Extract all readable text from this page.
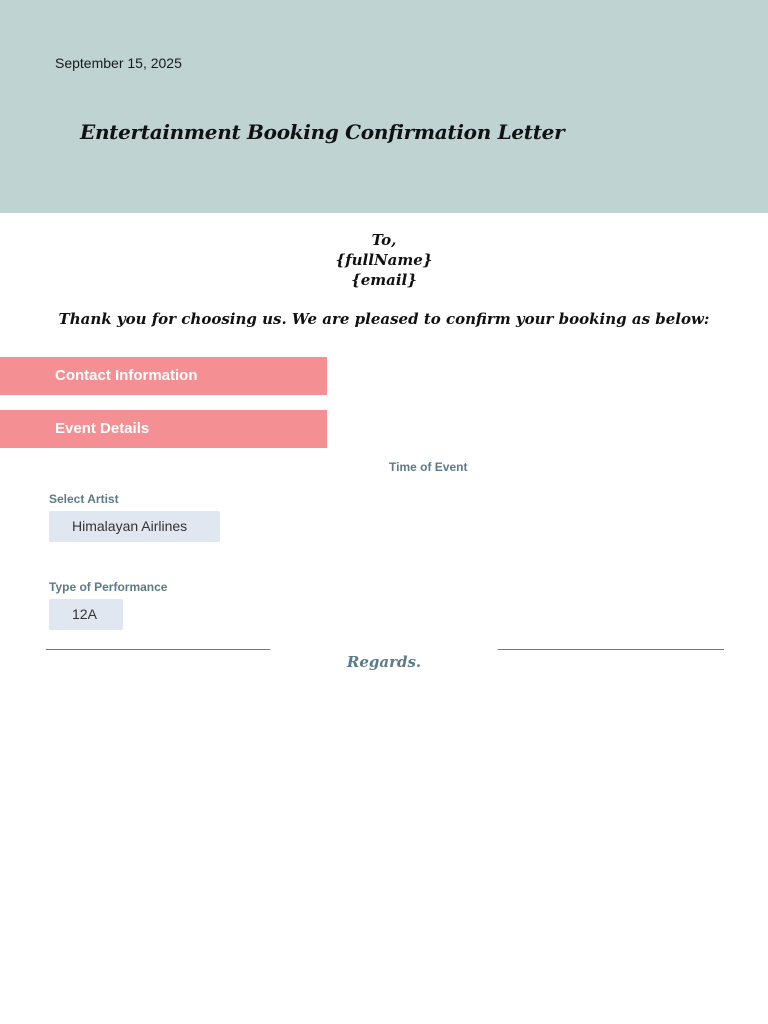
September 15, 2025
Entertainment Booking Confirmation Letter
To,
{fullName}
{email}
Thank you for choosing us. We are pleased to confirm your booking as below:
Contact Information
Event Details
Time of Event
Select Artist
Himalayan Airlines
Type of Performance
12A
Regards.
